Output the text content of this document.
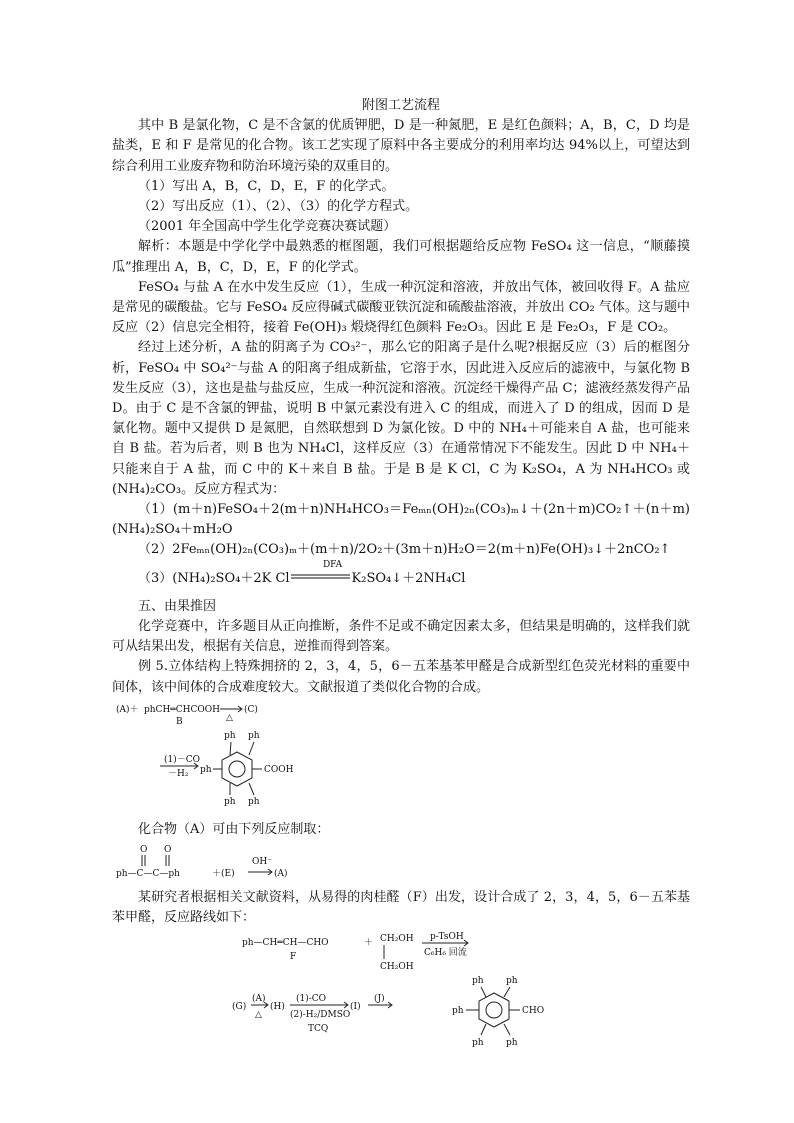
附图工艺流程

其中 B 是氯化物，C 是不含氯的优质钾肥，D 是一种氮肥，E 是红色颜料；A，B，C，D 均是盐类，E 和 F 是常见的化合物。该工艺实现了原料中各主要成分的利用率均达 94%以上，可望达到综合利用工业废弃物和防治环境污染的双重目的。

（1）写出 A，B，C，D，E，F 的化学式。

（2）写出反应（1）、（2）、（3）的化学方程式。

（2001 年全国高中学生化学竞赛决赛试题）

解析：本题是中学化学中最熟悉的框图题，我们可根据题给反应物 FeSO₄ 这一信息，“顺藤摸瓜”推理出 A，B，C，D，E，F 的化学式。

FeSO₄ 与盐 A 在水中发生反应（1），生成一种沉淀和溶液，并放出气体，被回收得 F。A 盐应是常见的碳酸盐。它与 FeSO₄ 反应得碱式碳酸亚铁沉淀和硫酸盐溶液，并放出 CO₂ 气体。这与题中反应（2）信息完全相符，接着 Fe(OH)₃ 煅烧得红色颜料 Fe₂O₃。因此 E 是 Fe₂O₃，F 是 CO₂。

经过上述分析，A 盐的阴离子为 CO₃²⁻，那么它的阳离子是什么呢?根据反应（3）后的框图分析，FeSO₄ 中 SO₄²⁻与盐 A 的阳离子组成新盐，它溶于水，因此进入反应后的滤液中，与氯化物 B 发生反应（3），这也是盐与盐反应，生成一种沉淀和溶液。沉淀经干燥得产品 C；滤液经蒸发得产品 D。由于 C 是不含氯的钾盐，说明 B 中氯元素没有进入 C 的组成，而进入了 D 的组成，因而 D 是氯化物。题中又提供 D 是氮肥，自然联想到 D 为氯化铵。D 中的 NH₄＋可能来自 A 盐，也可能来自 B 盐。若为后者，则 B 也为 NH₄Cl，这样反应（3）在通常情况下不能发生。因此 D 中 NH₄＋只能来自于 A 盐，而 C 中的 K＋来自 B 盐。于是 B 是 K Cl，C 为 K₂SO₄，A 为 NH₄HCO₃ 或(NH₄)₂CO₃。反应方程式为：

（1）(m＋n)FeSO₄＋2(m＋n)NH₄HCO₃＝Feₘₙ(OH)₂ₙ(CO₃)ₘ↓＋(2n＋m)CO₂↑＋(n＋m)(NH₄)₂SO₄＋mH₂O

（2）2Feₘₙ(OH)₂ₙ(CO₃)ₘ＋(m＋n)/2O₂＋(3m＋n)H₂O＝2(m＋n)Fe(OH)₃↓＋2nCO₂↑

（3）(NH₄)₂SO₄＋2K Cl
DFA
K₂SO₄↓＋2NH₄Cl

五、由果推因

化学竞赛中，许多题目从正向推断，条件不足或不确定因素太多，但结果是明确的，这样我们就可从结果出发，根据有关信息，逆推而得到答案。

例 5.立体结构上特殊拥挤的 2，3，4，5，6－五苯基苯甲醛是合成新型红色荧光材料的重要中间体，该中间体的合成难度较大。文献报道了类似化合物的合成。

(A)＋ phCH═CHCOOH
B	△
(C)
(1)－CO
－H₂
ph ph
ph
ph ph
COOH

化合物（A）可由下列反应制取：

O O
ph—C—C—ph	＋(E)
OH⁻
(A)

某研究者根据相关文献资料，从易得的肉桂醛（F）出发，设计合成了 2，3，4，5，6－五苯基苯甲醛，反应路线如下：

ph—CH═CH—CHO
F
＋ CH₂OH
CH₂OH
p-TsOH
C₆H₆ 回流
(G)
(A)
△
(H)
(1)-CO
(2)-H₂/DMSO
(I)
(J)
TCQ
ph ph
ph
ph ph
CHO
